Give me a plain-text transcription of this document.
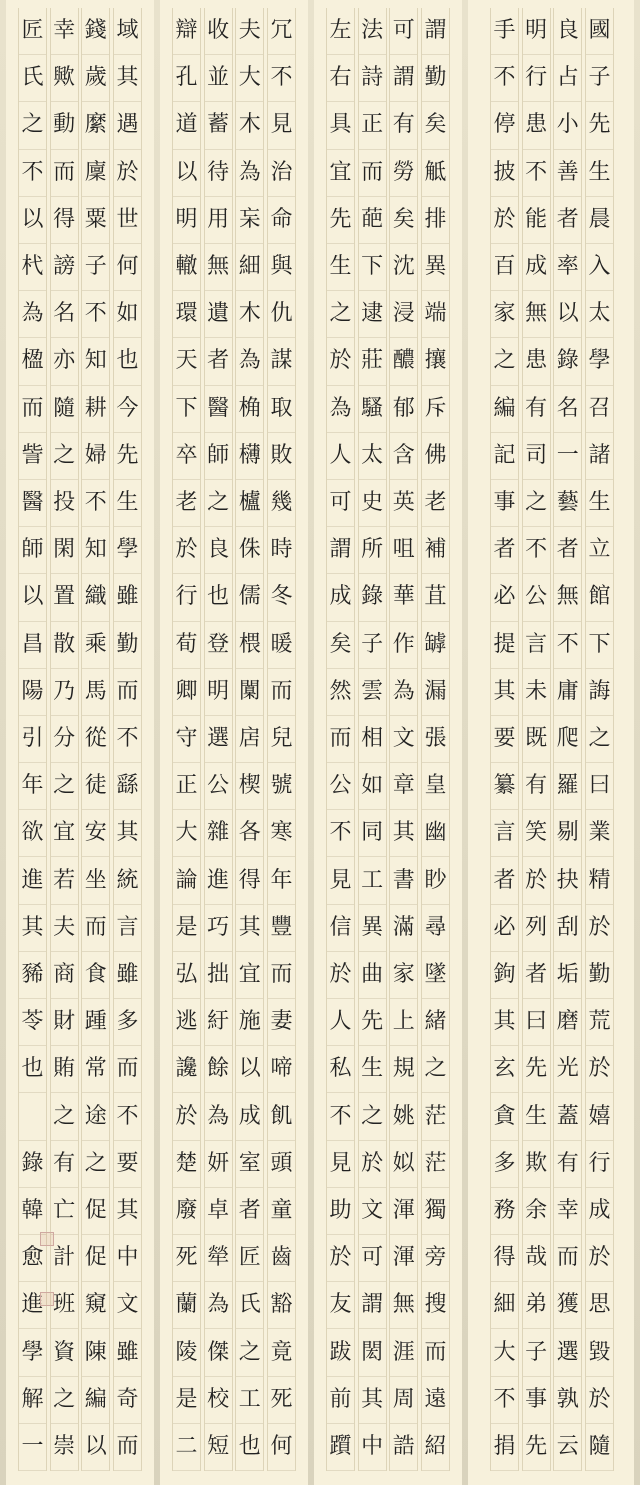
域
其
遇
於
世
何
如
也
今
先
生
學
雖
勤
而
不
繇
其
統
言
雖
多
而
不
要
其
中
文
雖
奇
而
錢
歲
縻
廩
粟
子
不
知
耕
婦
不
知
織
乘
馬
從
徒
安
坐
而
食
踵
常
途
之
促
促
窺
陳
編
以
幸
歟
動
而
得
謗
名
亦
隨
之
投
閑
置
散
乃
分
之
宜
若
夫
商
財
賄
之
有
亡
計
班
資
之
崇
匠
氏
之
不
以
杙
為
楹
而
訾
醫
師
以
昌
陽
引
年
欲
進
其
豨
苓
也
錄
韓
愈
進
學
解
一
冗
不
見
治
命
與
仇
謀
取
敗
幾
時
冬
暖
而
兒
號
寒
年
豐
而
妻
啼
飢
頭
童
齒
豁
竟
死
何
夫
大
木
為
杗
細
木
為
桷
欂
櫨
侏
儒
椳
闑
扂
楔
各
得
其
宜
施
以
成
室
者
匠
氏
之
工
也
收
並
蓄
待
用
無
遺
者
醫
師
之
良
也
登
明
選
公
雜
進
巧
拙
紆
餘
為
妍
卓
犖
為
傑
校
短
辯
孔
道
以
明
轍
環
天
下
卒
老
於
行
荀
卿
守
正
大
論
是
弘
逃
讒
於
楚
廢
死
蘭
陵
是
二
謂
勤
矣
觝
排
異
端
攘
斥
佛
老
補
苴
罅
漏
張
皇
幽
眇
尋
墜
緒
之
茫
茫
獨
旁
搜
而
遠
紹
可
謂
有
勞
矣
沈
浸
醲
郁
含
英
咀
華
作
為
文
章
其
書
滿
家
上
規
姚
姒
渾
渾
無
涯
周
誥
法
詩
正
而
葩
下
逮
莊
騷
太
史
所
錄
子
雲
相
如
同
工
異
曲
先
生
之
於
文
可
謂
閎
其
中
左
右
具
宜
先
生
之
於
為
人
可
謂
成
矣
然
而
公
不
見
信
於
人
私
不
見
助
於
友
跋
前
躓
國
子
先
生
晨
入
太
學
召
諸
生
立
館
下
誨
之
曰
業
精
於
勤
荒
於
嬉
行
成
於
思
毀
於
隨
良
占
小
善
者
率
以
錄
名
一
藝
者
無
不
庸
爬
羅
剔
抉
刮
垢
磨
光
蓋
有
幸
而
獲
選
孰
云
明
行
患
不
能
成
無
患
有
司
之
不
公
言
未
既
有
笑
於
列
者
曰
先
生
欺
余
哉
弟
子
事
先
手
不
停
披
於
百
家
之
編
記
事
者
必
提
其
要
纂
言
者
必
鉤
其
玄
貪
多
務
得
細
大
不
捐
